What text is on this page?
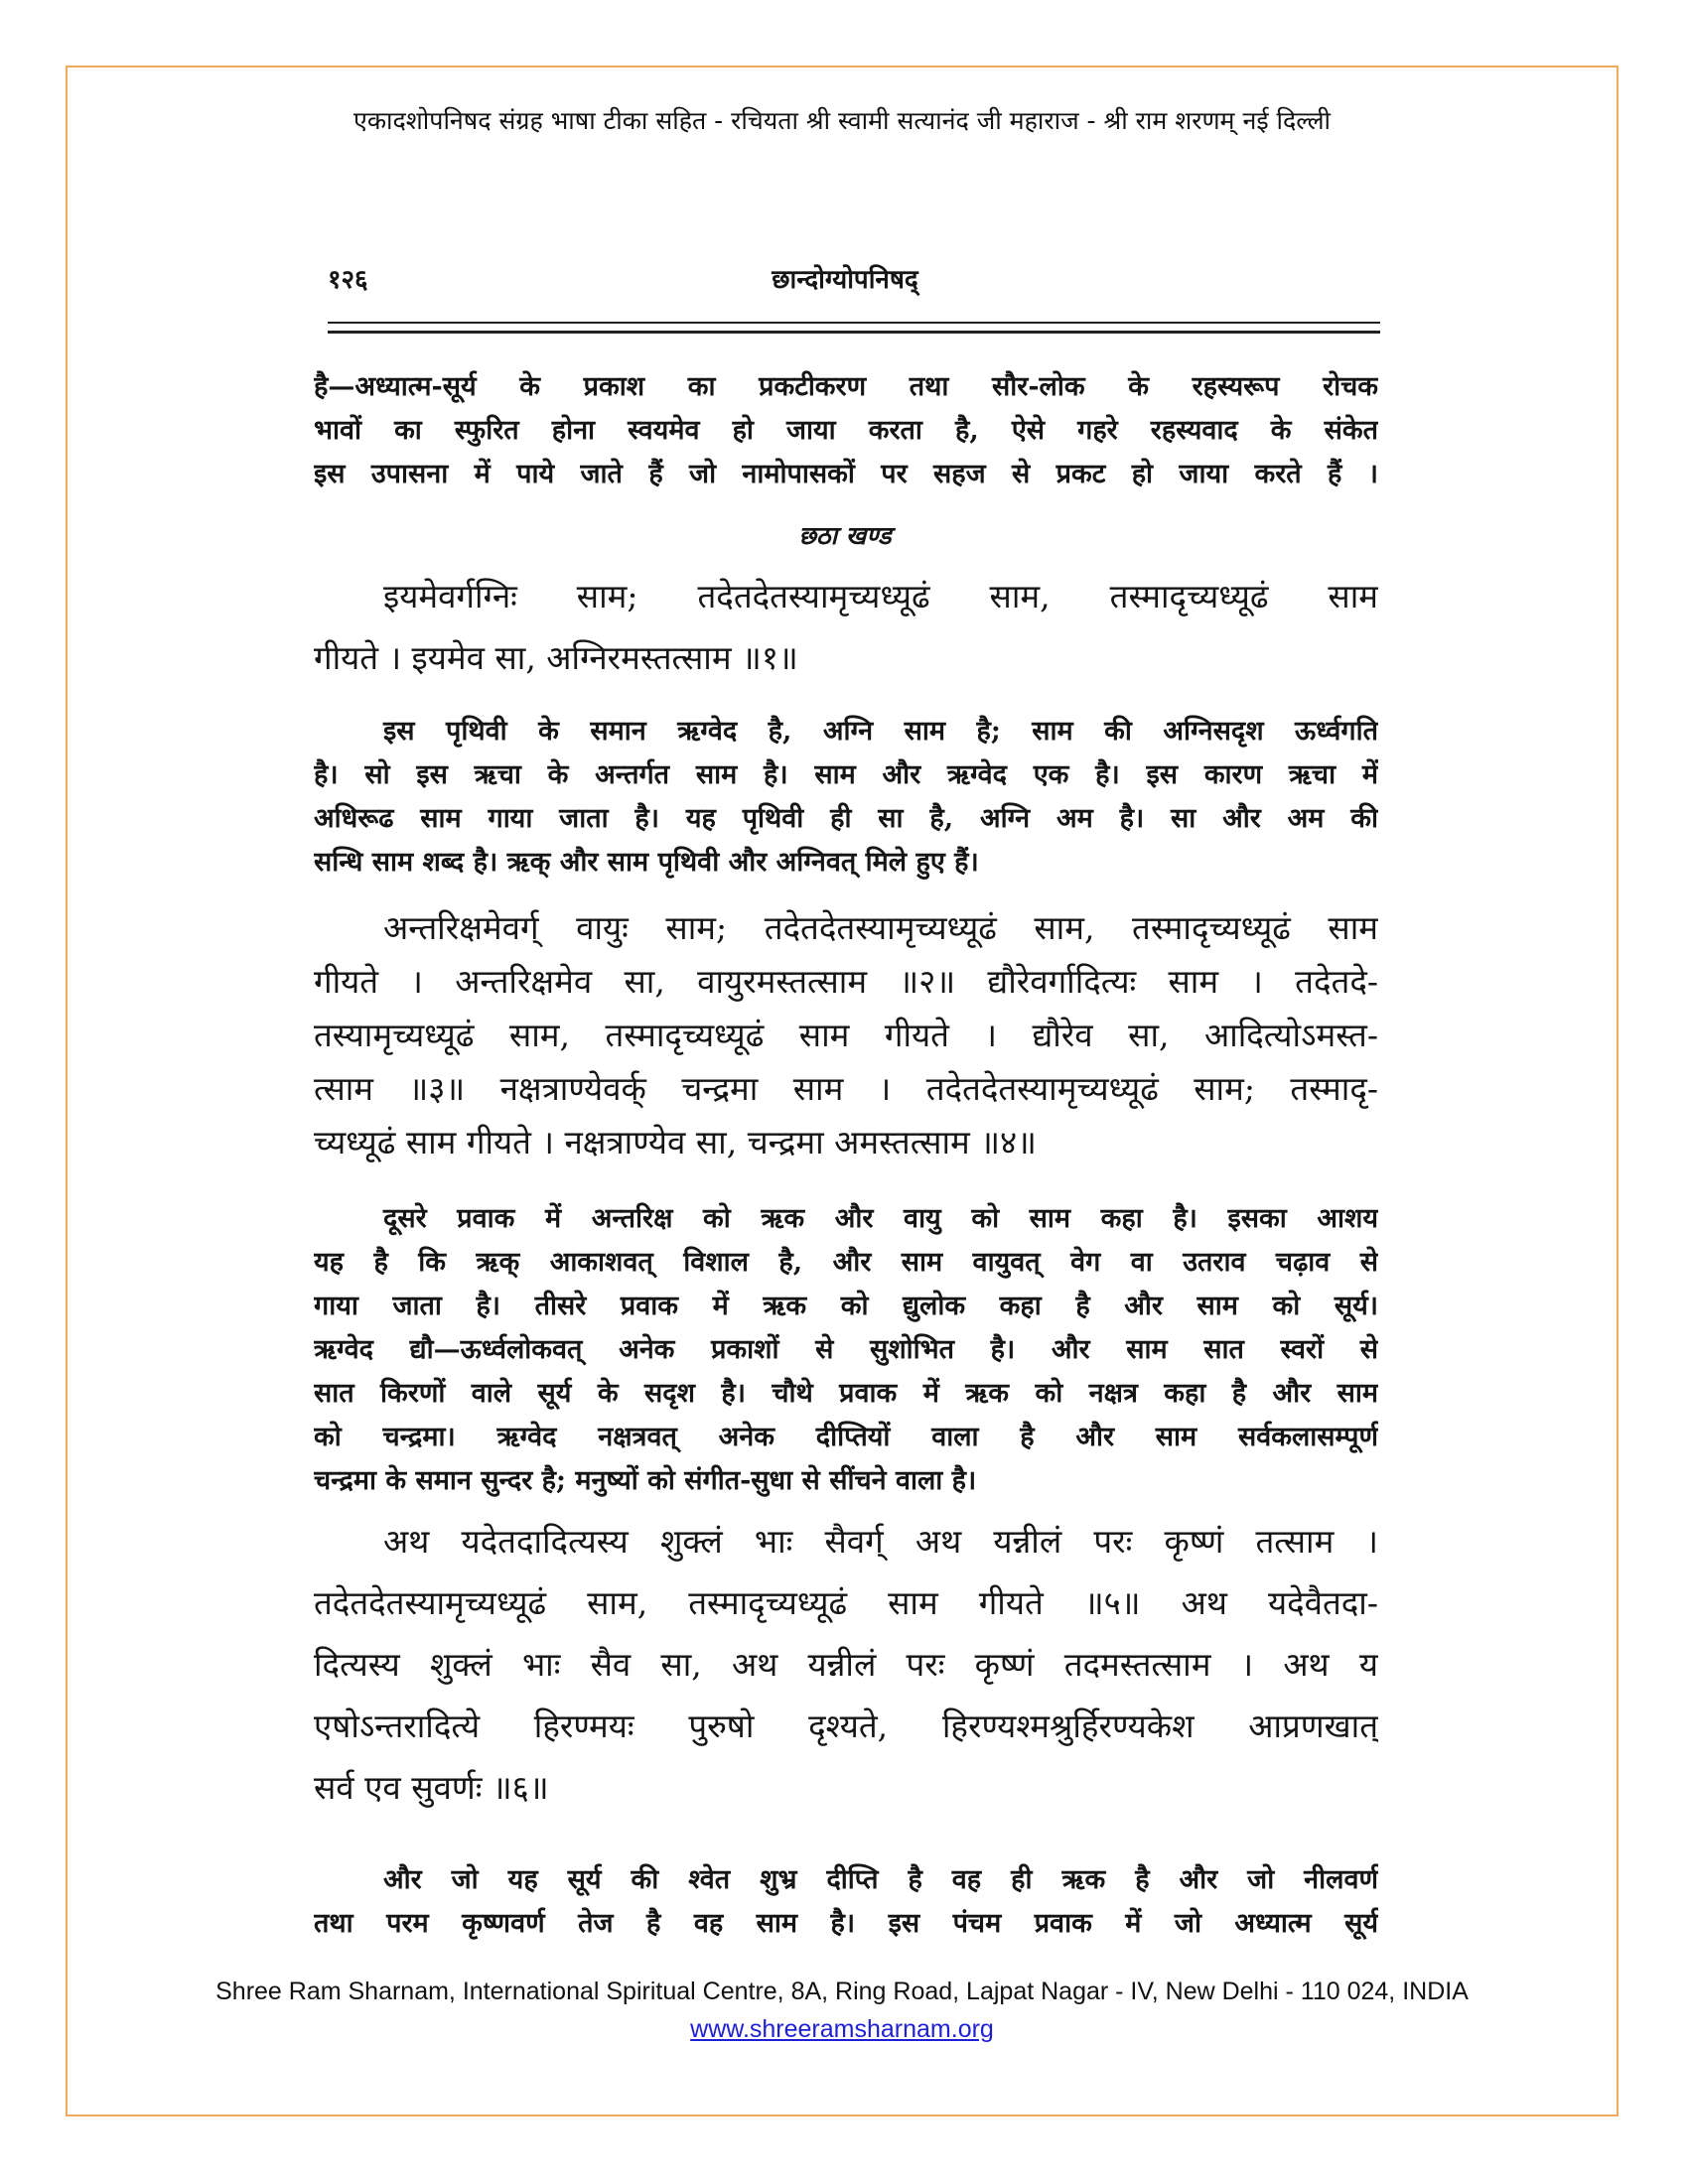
एकादशोपनिषद संग्रह भाषा टीका सहित - रचियता श्री स्वामी सत्यानंद जी महाराज - श्री राम शरणम् नई दिल्ली
१२६	छान्दोग्योपनिषद्
है—अध्यात्म-सूर्य के प्रकाश का प्रकटीकरण तथा सौर-लोक के रहस्यरूप रोचक
भावों का स्फुरित होना स्वयमेव हो जाया करता है, ऐसे गहरे रहस्यवाद के संकेत
इस उपासना में पाये जाते हैं जो नामोपासकों पर सहज से प्रकट हो जाया करते हैं ।
छठा खण्ड
इयमेवर्गग्निः साम; तदेतदेतस्यामृच्यध्यूढं साम, तस्मादृच्यध्यूढं साम
गीयते । इयमेव सा, अग्निरमस्तत्साम ॥१॥
इस पृथिवी के समान ऋग्वेद है, अग्नि साम है; साम की अग्निसदृश ऊर्ध्वगति
है। सो इस ऋचा के अन्तर्गत साम है। साम और ऋग्वेद एक है। इस कारण ऋचा में
अधिरूढ साम गाया जाता है। यह पृथिवी ही सा है, अग्नि अम है। सा और अम की
सन्धि साम शब्द है। ऋक् और साम पृथिवी और अग्निवत् मिले हुए हैं।
अन्तरिक्षमेवर्ग् वायुः साम; तदेतदेतस्यामृच्यध्यूढं साम, तस्मादृच्यध्यूढं साम
गीयते । अन्तरिक्षमेव सा, वायुरमस्तत्साम ॥२॥ द्यौरेवर्गादित्यः साम । तदेतदे-
तस्यामृच्यध्यूढं साम, तस्मादृच्यध्यूढं साम गीयते । द्यौरेव सा, आदित्योऽमस्त-
त्साम ॥३॥ नक्षत्राण्येवर्क् चन्द्रमा साम । तदेतदेतस्यामृच्यध्यूढं साम; तस्मादृ-
च्यध्यूढं साम गीयते । नक्षत्राण्येव सा, चन्द्रमा अमस्तत्साम ॥४॥
दूसरे प्रवाक में अन्तरिक्ष को ऋक और वायु को साम कहा है। इसका आशय
यह है कि ऋक् आकाशवत् विशाल है, और साम वायुवत् वेग वा उतराव चढ़ाव से
गाया जाता है। तीसरे प्रवाक में ऋक को द्युलोक कहा है और साम को सूर्य।
ऋग्वेद द्यौ—ऊर्ध्वलोकवत् अनेक प्रकाशों से सुशोभित है। और साम सात स्वरों से
सात किरणों वाले सूर्य के सदृश है। चौथे प्रवाक में ऋक को नक्षत्र कहा है और साम
को चन्द्रमा। ऋग्वेद नक्षत्रवत् अनेक दीप्तियों वाला है और साम सर्वकलासम्पूर्ण
चन्द्रमा के समान सुन्दर है; मनुष्यों को संगीत-सुधा से सींचने वाला है।
अथ यदेतदादित्यस्य शुक्लं भाः सैवर्ग् अथ यन्नीलं परः कृष्णं तत्साम ।
तदेतदेतस्यामृच्यध्यूढं साम, तस्मादृच्यध्यूढं साम गीयते ॥५॥ अथ यदेवैतदा-
दित्यस्य शुक्लं भाः सैव सा, अथ यन्नीलं परः कृष्णं तदमस्तत्साम । अथ य
एषोऽन्तरादित्ये हिरण्मयः पुरुषो दृश्यते, हिरण्यश्मश्रुर्हिरण्यकेश आप्रणखात्
सर्व एव सुवर्णः ॥६॥
और जो यह सूर्य की श्वेत शुभ्र दीप्ति है वह ही ऋक है और जो नीलवर्ण
तथा परम कृष्णवर्ण तेज है वह साम है। इस पंचम प्रवाक में जो अध्यात्म सूर्य
Shree Ram Sharnam, International Spiritual Centre, 8A, Ring Road, Lajpat Nagar - IV, New Delhi - 110 024, INDIA
www.shreeramsharnam.org
